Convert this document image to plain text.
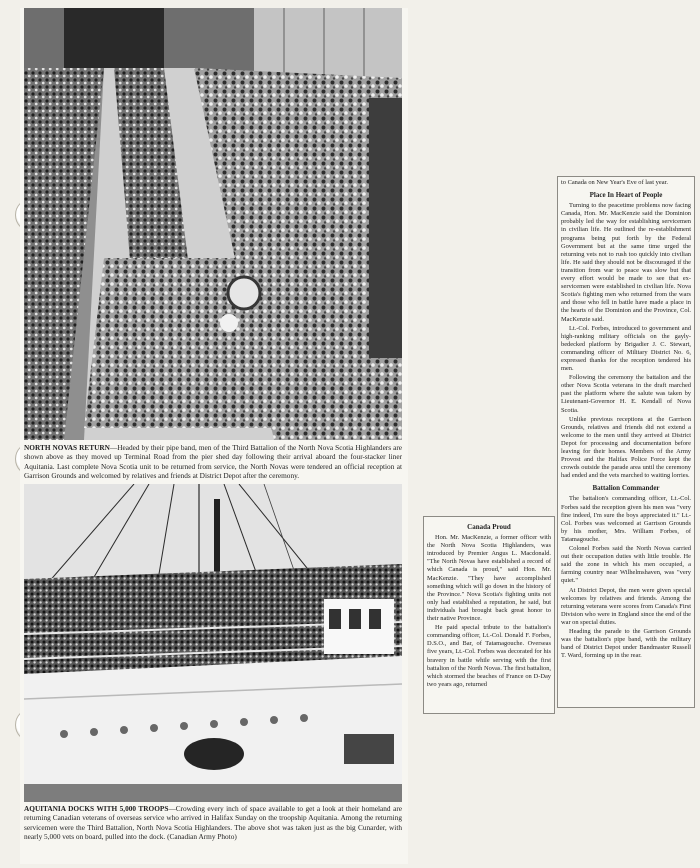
NORTH NOVAS RETURN—Headed by their pipe band, men of the Third Battalion of the North Nova Scotia Highlanders are shown above as they moved up Terminal Road from the pier shed day following their arrival aboard the four-stacker liner Aquitania. Last complete Nova Scotia unit to be returned from service, the North Novas were tendered an official reception at Garrison Grounds and welcomed by relatives and friends at District Depot after the ceremony.
AQUITANIA DOCKS WITH 5,000 TROOPS—Crowding every inch of space available to get a look at their homeland are returning Canadian veterans of overseas service who arrived in Halifax Sunday on the troopship Aquitania. Among the returning servicemen were the Third Battalion, North Nova Scotia Highlanders. The above shot was taken just as the big Cunarder, with nearly 5,000 vets on board, pulled into the dock. (Canadian Army Photo)
Canada Proud

Hon. Mr. MacKenzie, a former officer with the North Nova Scotia Highlanders, was introduced by Premier Angus L. Macdonald. "The North Novas have established a record of which Canada is proud," said Hon. Mr. MacKenzie. "They have accomplished something which will go down in the history of the Province." Nova Scotia's fighting units not only had established a reputation, he said, but individuals had brought back great honor to their native Province.

He paid special tribute to the battalion's commanding officer, Lt.-Col. Donald F. Forbes, D.S.O., and Bar, of Tatamagouche. Overseas five years, Lt.-Col. Forbes was decorated for his bravery in battle while serving with the first battalion of the North Novas. The first battalion, which stormed the beaches of France on D-Day two years ago, returned

to Canada on New Year's Eve of last year.

Place In Heart of People

Turning to the peacetime problems now facing Canada, Hon. Mr. MacKenzie said the Dominion probably led the way for establishing servicemen in civilian life. He outlined the re-establishment programs being put forth by the Federal Government but at the same time urged the returning vets not to rush too quickly into civilian life. He said they should not be discouraged if the transition from war to peace was slow but that every effort would be made to see that ex-servicemen were established in civilian life. Nova Scotia's fighting men who returned from the wars and those who fell in battle have made a place in the hearts of the Dominion and the Province, Col. MacKenzie said.

Lt.-Col. Forbes, introduced to government and high-ranking military officials on the gayly-bedecked platform by Brigadier J. C. Stewart, commanding officer of Military District No. 6, expressed thanks for the reception tendered his men.

Following the ceremony the battalion and the other Nova Scotia veterans in the draft marched past the platform where the salute was taken by Lieutenant-Governor H. E. Kendall of Nova Scotia.

Unlike previous receptions at the Garrison Grounds, relatives and friends did not extend a welcome to the men until they arrived at District Depot for processing and documentation before leaving for their homes. Members of the Army Provost and the Halifax Police Force kept the crowds outside the parade area until the ceremony had ended and the vets marched to waiting lorries.

Battalion Commander

The battalion's commanding officer, Lt.-Col. Forbes said the reception given his men was "very fine indeed, I'm sure the boys appreciated it." Lt.-Col. Forbes was welcomed at Garrison Grounds by his mother, Mrs. William Forbes, of Tatamagouche.

Colonel Forbes said the North Novas carried out their occupation duties with little trouble. He said the zone in which his men occupied, a farming country near Wilhelmshaven, was "very quiet."

At District Depot, the men were given special welcomes by relatives and friends. Among the returning veterans were scores from Canada's First Division who were in England since the end of the war on special duties.

Heading the parade to the Garrison Grounds was the battalion's pipe band, with the military band of District Depot under Bandmaster Russell T. Ward, forming up in the rear.
